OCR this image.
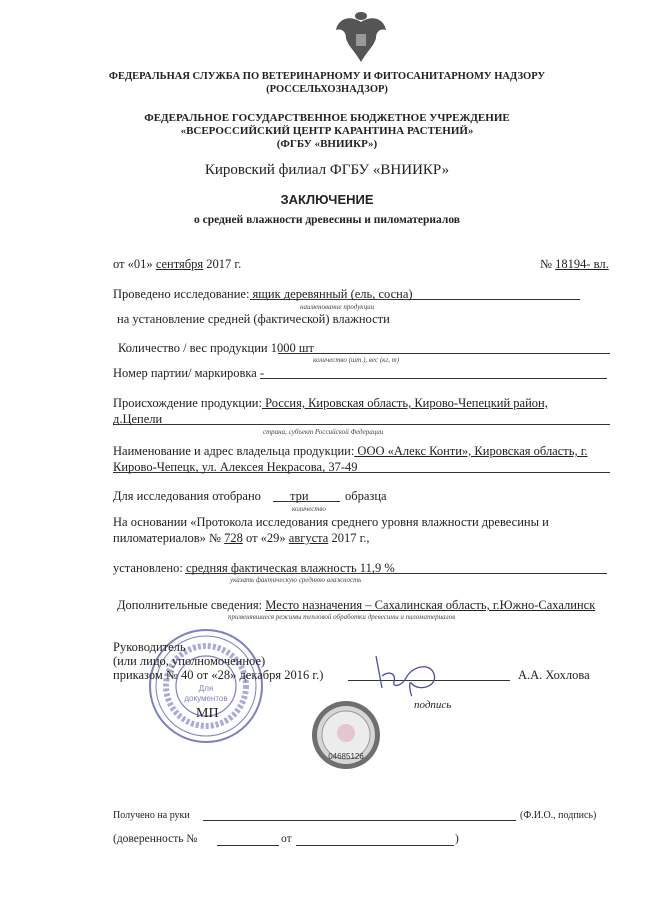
ФЕДЕРАЛЬНАЯ СЛУЖБА ПО ВЕТЕРИНАРНОМУ И ФИТОСАНИТАРНОМУ НАДЗОРУ
(РОССЕЛЬХОЗНАДЗОР)
ФЕДЕРАЛЬНОЕ ГОСУДАРСТВЕННОЕ БЮДЖЕТНОЕ УЧРЕЖДЕНИЕ
«ВСЕРОССИЙСКИЙ ЦЕНТР КАРАНТИНА РАСТЕНИЙ»
(ФГБУ «ВНИИКР»)
Кировский филиал ФГБУ «ВНИИКР»
ЗАКЛЮЧЕНИЕ
о средней влажности древесины и пиломатериалов
от «01» сентября 2017 г.	№ 18194- вл.
Проведено исследование: ящик деревянный (ель, сосна)
наименование продукции
на установление средней (фактической) влажности
Количество / вес продукции 1000 шт
количество (шт.), вес (кг, т)
Номер партии/ маркировка -
Происхождение продукции: Россия, Кировская область, Кирово-Чепецкий район,
д.Цепели
страна, субъект Российской Федерации
Наименование и адрес владельца продукции: ООО «Алекс Конти», Кировская область, г.
Кирово-Чепецк, ул. Алексея Некрасова, 37-49
Для исследования отобрано три	образца
количество
На основании «Протокола исследования среднего уровня влажности древесины и
пиломатериалов» № 728 от «29» августа 2017 г.,
установлено: средняя фактическая влажность 11,9 %
указать фактическую среднюю влажность
Дополнительные сведения: Место назначения – Сахалинская область, г.Южно-Сахалинск
применявшиеся режимы тепловой обработки древесины и пиломатериалов
Для
документов
Руководитель
(или лицо, уполномоченное)
приказом № 40 от «28» декабря 2016 г.)	А.А. Хохлова
МП
подпись
04685126
Получено на руки	(Ф.И.О., подпись)
(доверенность №	от	)
